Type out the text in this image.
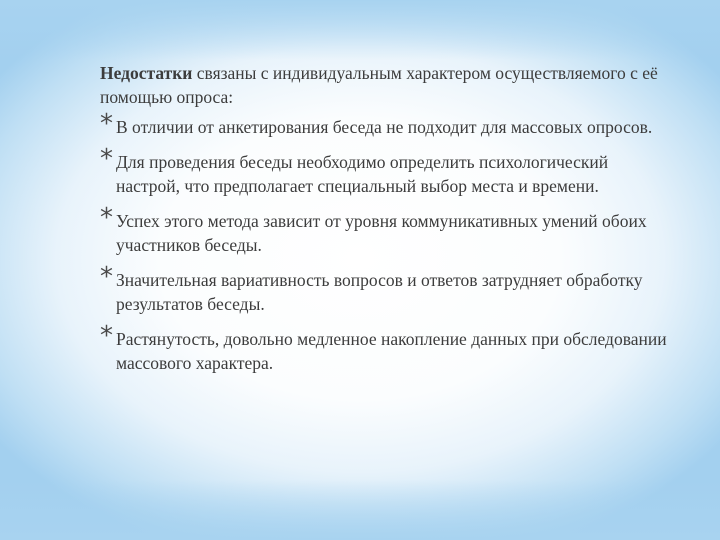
Недостатки связаны с индивидуальным характером осуществляемого с её помощью опроса:

* В отличии от анкетирования беседа не подходит для массовых опросов.
* Для проведения беседы необходимо определить психологический настрой, что предполагает специальный выбор места и времени.
* Успех этого метода зависит от уровня коммуникативных умений обоих участников беседы.
* Значительная вариативность вопросов и ответов затрудняет обработку результатов беседы.
* Растянутость, довольно медленное накопление данных при обследовании массового характера.
